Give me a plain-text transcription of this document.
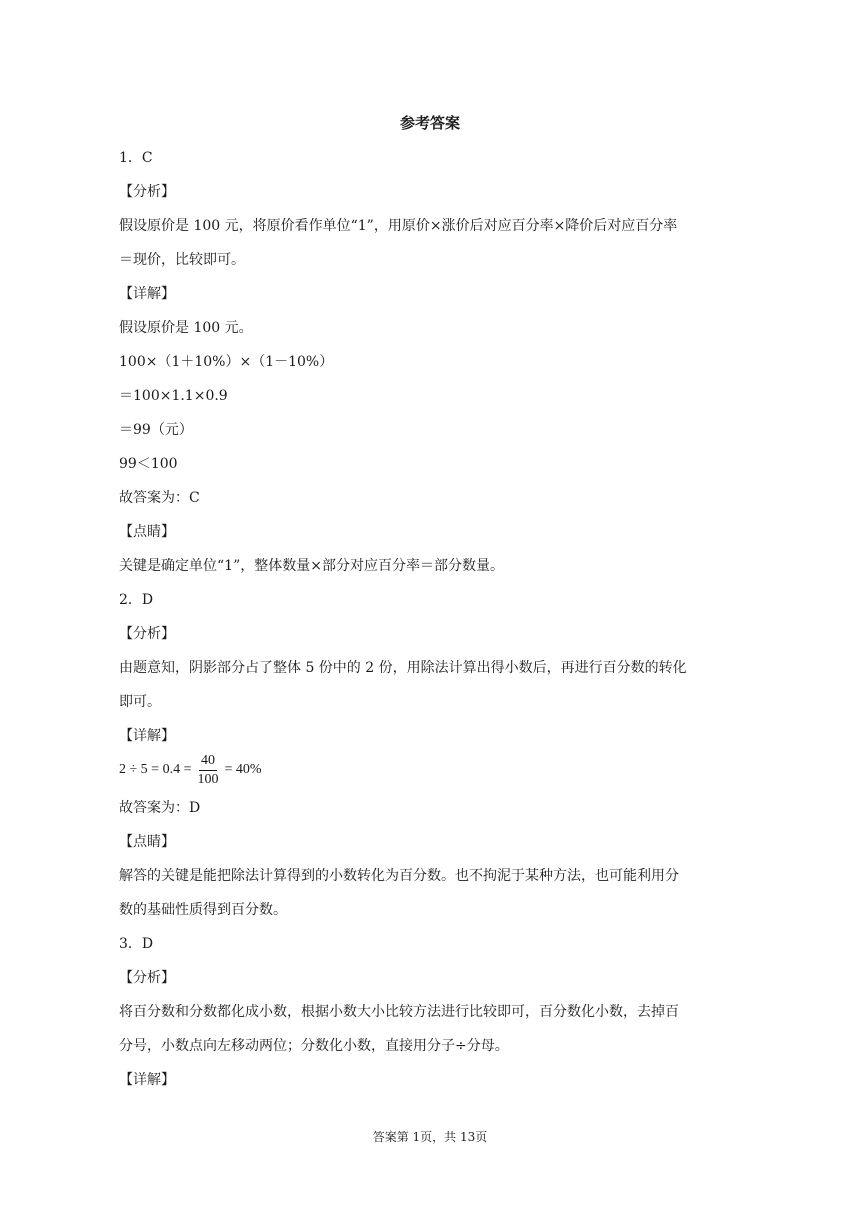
参考答案
1．C
【分析】
假设原价是 100 元，将原价看作单位“1”，用原价×涨价后对应百分率×降价后对应百分率
＝现价，比较即可。
【详解】
假设原价是 100 元。
100×（1＋10%）×（1－10%）
＝100×1.1×0.9
＝99（元）
99＜100
故答案为：C
【点睛】
关键是确定单位“1”，整体数量×部分对应百分率＝部分数量。
2．D
【分析】
由题意知，阴影部分占了整体 5 份中的 2 份，用除法计算出得小数后，再进行百分数的转化
即可。
【详解】
$2 \div 5 = 0.4 = \frac{40}{100} = 40\%$
故答案为：D
【点睛】
解答的关键是能把除法计算得到的小数转化为百分数。也不拘泥于某种方法，也可能利用分
数的基础性质得到百分数。
3．D
【分析】
将百分数和分数都化成小数，根据小数大小比较方法进行比较即可，百分数化小数，去掉百
分号，小数点向左移动两位；分数化小数，直接用分子÷分母。
【详解】
答案第 1页，共 13页
